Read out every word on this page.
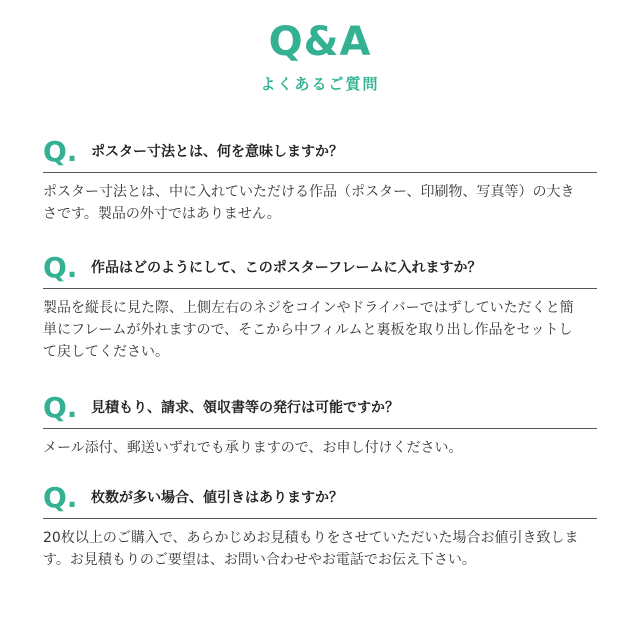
Q&A
よくあるご質問
Q. ポスター寸法とは、何を意味しますか？
ポスター寸法とは、中に入れていただける作品（ポスター、印刷物、写真等）の大きさです。製品の外寸ではありません。
Q. 作品はどのようにして、このポスターフレームに入れますか？
製品を縦長に見た際、上側左右のネジをコインやドライバーではずしていただくと簡単にフレームが外れますので、そこから中フィルムと裏板を取り出し作品をセットして戻してください。
Q. 見積もり、請求、領収書等の発行は可能ですか？
メール添付、郵送いずれでも承りますので、お申し付けください。
Q. 枚数が多い場合、値引きはありますか？
20枚以上のご購入で、あらかじめお見積もりをさせていただいた場合お値引き致します。お見積もりのご要望は、お問い合わせやお電話でお伝え下さい。
